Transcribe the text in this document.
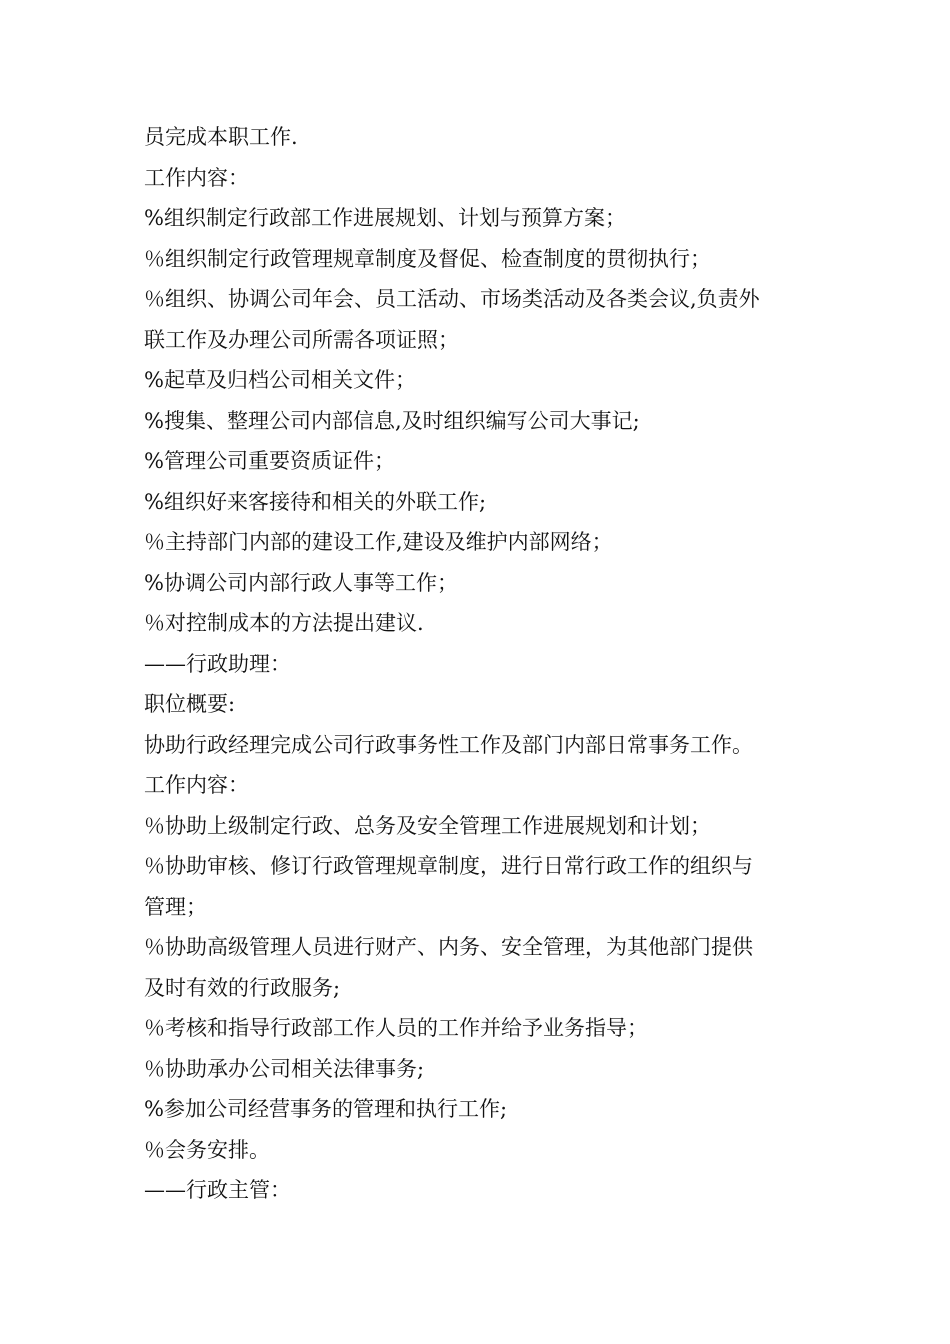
员完成本职工作.
工作内容：
%组织制定行政部工作进展规划、计划与预算方案；
％组织制定行政管理规章制度及督促、检查制度的贯彻执行；
％组织、协调公司年会、员工活动、市场类活动及各类会议,负责外
联工作及办理公司所需各项证照；
%起草及归档公司相关文件；
%搜集、整理公司内部信息,及时组织编写公司大事记;
%管理公司重要资质证件；
%组织好来客接待和相关的外联工作;
％主持部门内部的建设工作,建设及维护内部网络；
%协调公司内部行政人事等工作；
％对控制成本的方法提出建议.
——行政助理：
职位概要:
协助行政经理完成公司行政事务性工作及部门内部日常事务工作。
工作内容：
％协助上级制定行政、总务及安全管理工作进展规划和计划；
％协助审核、修订行政管理规章制度，进行日常行政工作的组织与
管理；
％协助高级管理人员进行财产、内务、安全管理，为其他部门提供
及时有效的行政服务;
％考核和指导行政部工作人员的工作并给予业务指导；
％协助承办公司相关法律事务;
%参加公司经营事务的管理和执行工作;
％会务安排。
——行政主管：
